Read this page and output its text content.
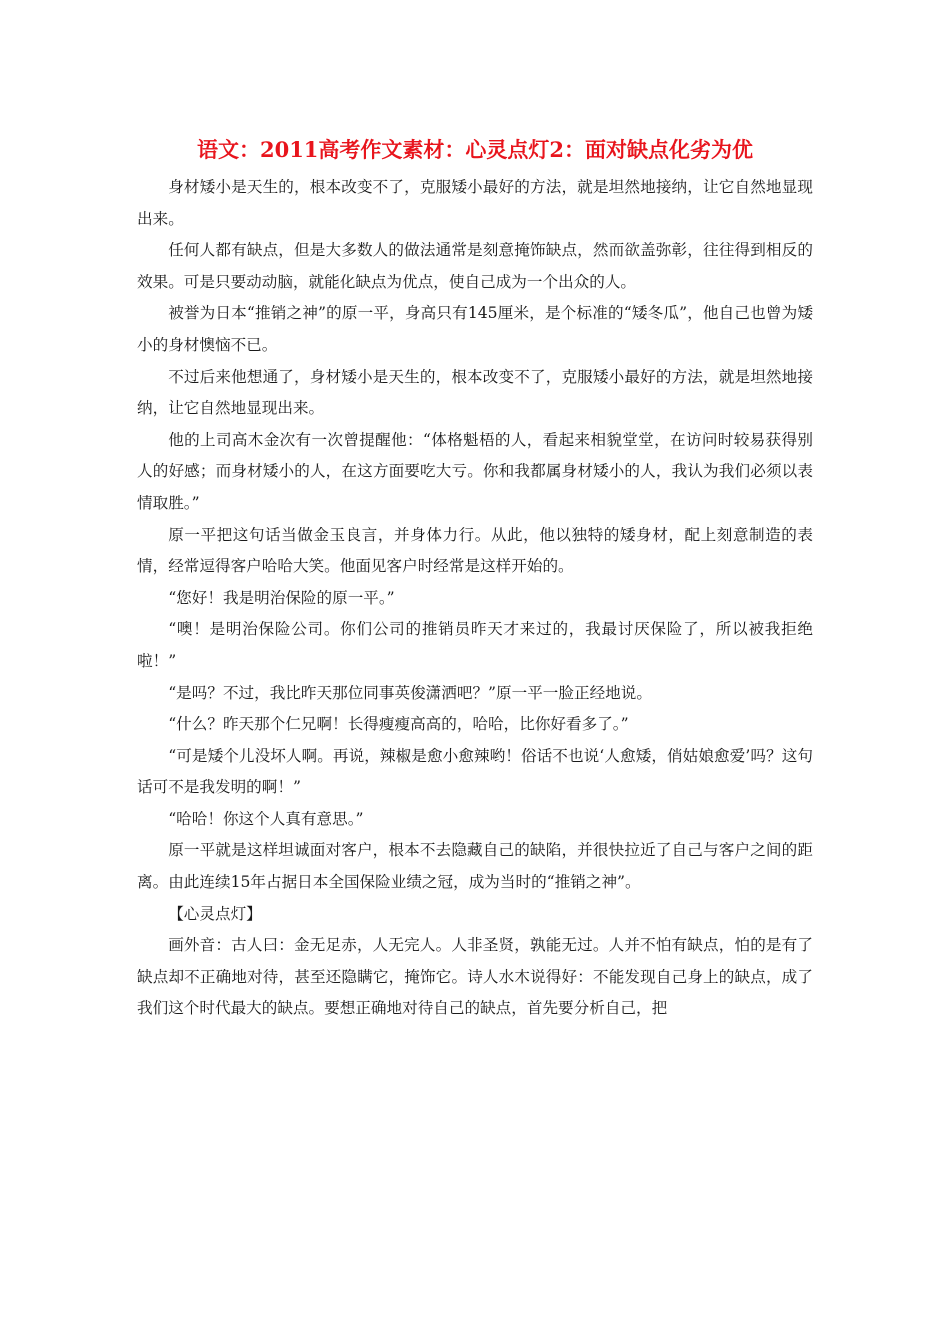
语文：2011高考作文素材：心灵点灯2：面对缺点化劣为优

身材矮小是天生的，根本改变不了，克服矮小最好的方法，就是坦然地接纳，让它自然地显现出来。

任何人都有缺点，但是大多数人的做法通常是刻意掩饰缺点，然而欲盖弥彰，往往得到相反的效果。可是只要动动脑，就能化缺点为优点，使自己成为一个出众的人。

被誉为日本“推销之神”的原一平，身高只有145厘米，是个标准的“矮冬瓜”，他自己也曾为矮小的身材懊恼不已。

不过后来他想通了，身材矮小是天生的，根本改变不了，克服矮小最好的方法，就是坦然地接纳，让它自然地显现出来。

他的上司高木金次有一次曾提醒他：“体格魁梧的人，看起来相貌堂堂，在访问时较易获得别人的好感；而身材矮小的人，在这方面要吃大亏。你和我都属身材矮小的人，我认为我们必须以表情取胜。”

原一平把这句话当做金玉良言，并身体力行。从此，他以独特的矮身材，配上刻意制造的表情，经常逗得客户哈哈大笑。他面见客户时经常是这样开始的。

“您好！我是明治保险的原一平。”

“噢！是明治保险公司。你们公司的推销员昨天才来过的，我最讨厌保险了，所以被我拒绝啦！”

“是吗？不过，我比昨天那位同事英俊潇洒吧？”原一平一脸正经地说。

“什么？昨天那个仁兄啊！长得瘦瘦高高的，哈哈，比你好看多了。”

“可是矮个儿没坏人啊。再说，辣椒是愈小愈辣哟！俗话不也说‘人愈矮，俏姑娘愈爱’吗？这句话可不是我发明的啊！”

“哈哈！你这个人真有意思。”

原一平就是这样坦诚面对客户，根本不去隐藏自己的缺陷，并很快拉近了自己与客户之间的距离。由此连续15年占据日本全国保险业绩之冠，成为当时的“推销之神”。

【心灵点灯】

画外音：古人曰：金无足赤，人无完人。人非圣贤，孰能无过。人并不怕有缺点，怕的是有了缺点却不正确地对待，甚至还隐瞒它，掩饰它。诗人水木说得好：不能发现自己身上的缺点，成了我们这个时代最大的缺点。要想正确地对待自己的缺点，首先要分析自己，把
